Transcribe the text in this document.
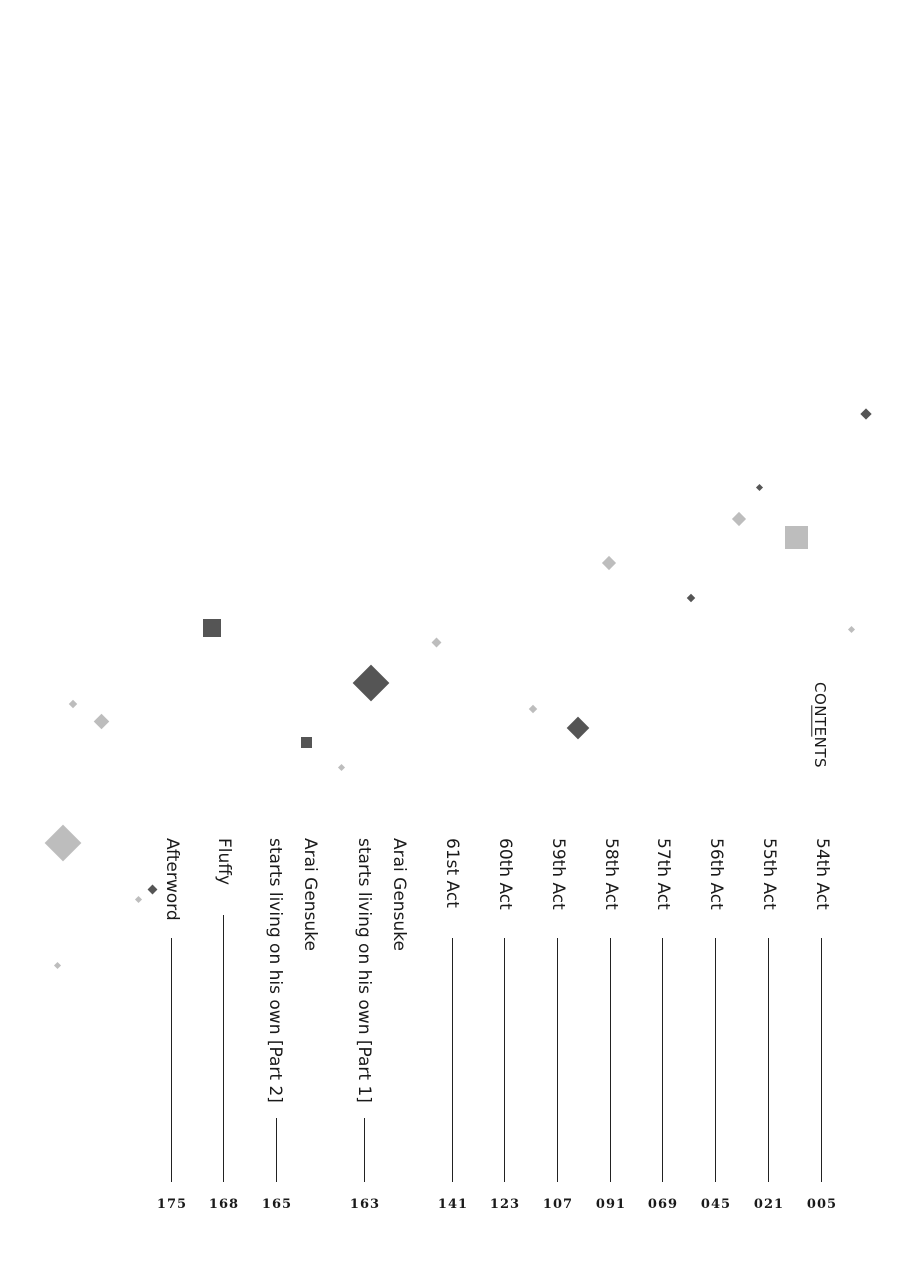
CONTENTS
54th Act
55th Act
56th Act
57th Act
58th Act
59th Act
60th Act
61st Act
Arai Gensuke
starts living on his own [Part 1]
Arai Gensuke
starts living on his own [Part 2]
Fluffy
Afterword
005
021
045
069
091
107
123
141
163
165
168
175
